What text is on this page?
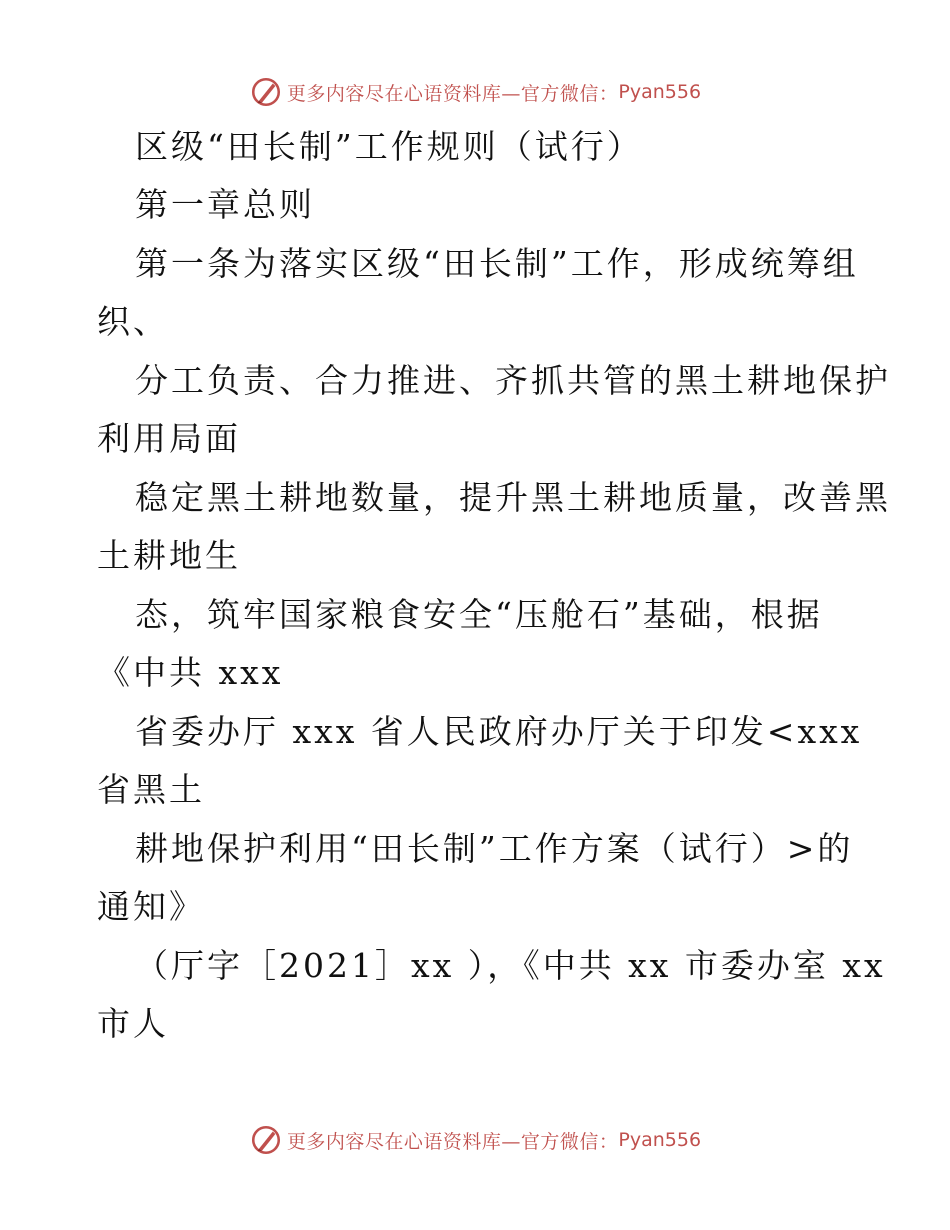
更多内容尽在心语资料库—官方微信： Pyan556
区级“田长制”工作规则（试行）
第一章总则
第一条为落实区级“田长制”工作，形成统筹组
织、
分工负责、合力推进、齐抓共管的黑土耕地保护
利用局面
稳定黑土耕地数量，提升黑土耕地质量，改善黑
土耕地生
态，筑牢国家粮食安全“压舱石”基础，根据
《中共 xxx
省委办厅 xxx 省人民政府办厅关于印发<xxx
省黑土
耕地保护利用“田长制”工作方案（试行）>的
通知》
（厅字［2021］xx ），《中共 xx 市委办室 xx
市人
更多内容尽在心语资料库—官方微信： Pyan556
